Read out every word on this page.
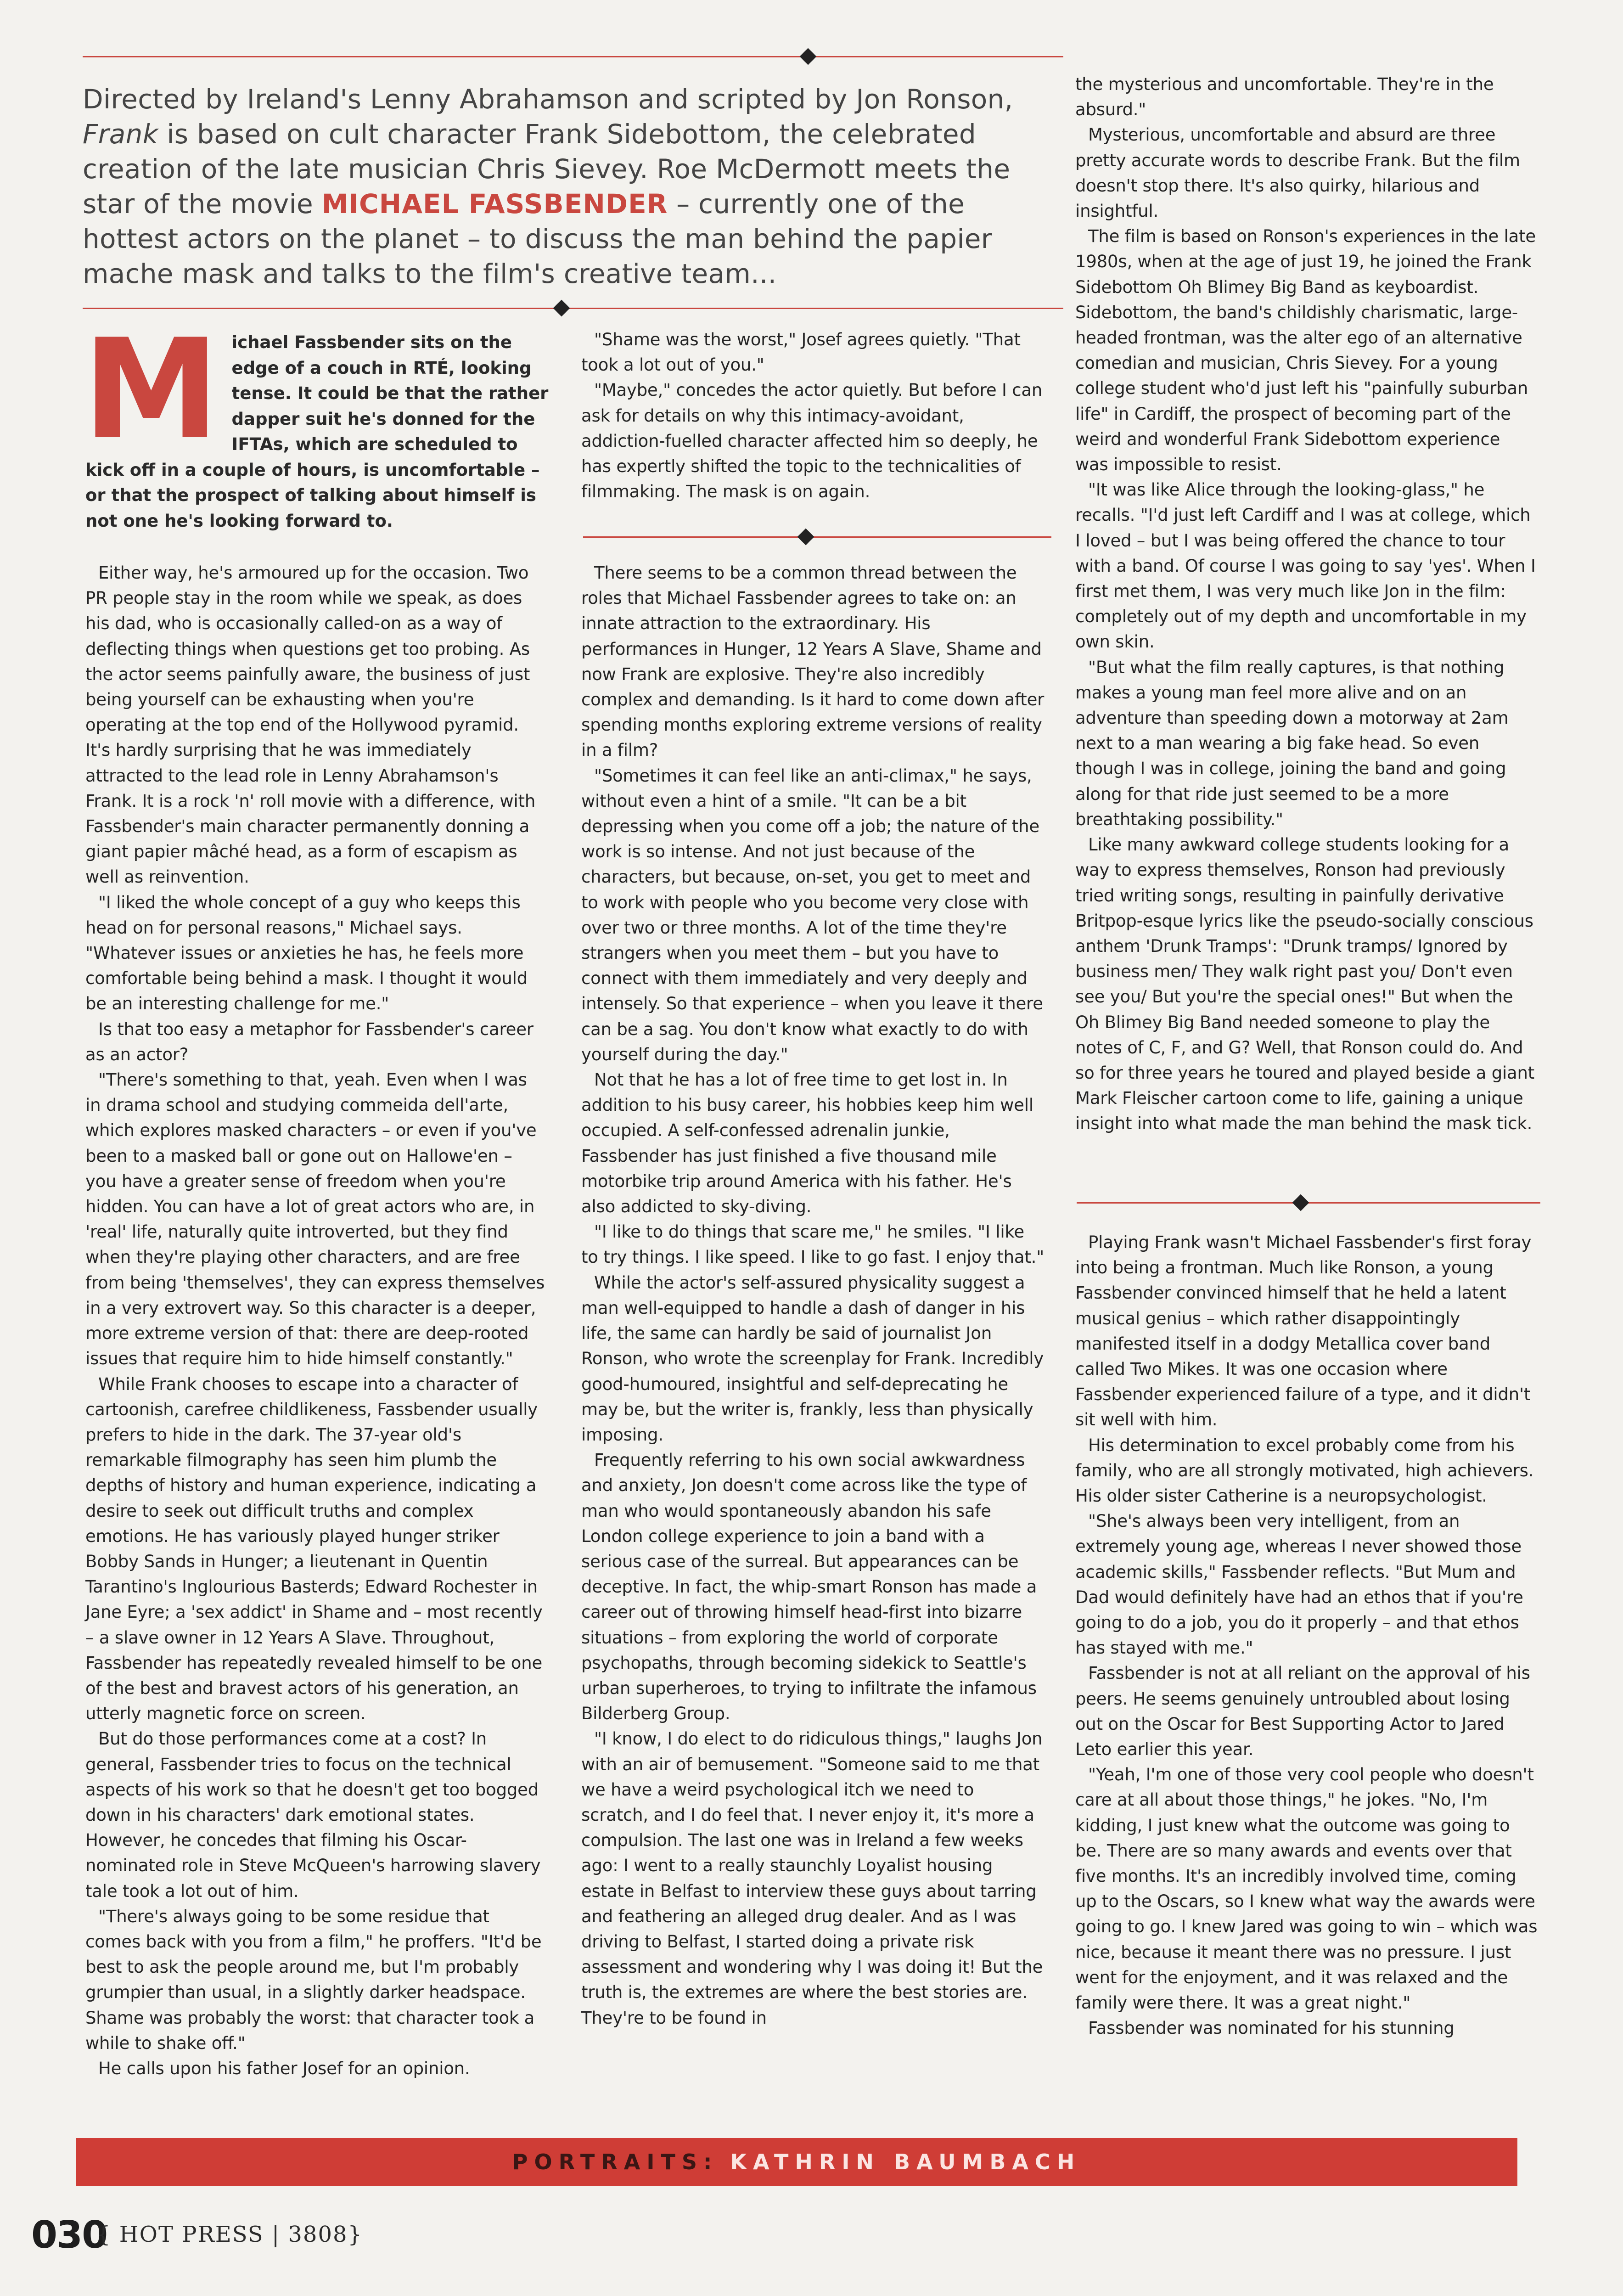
Directed by Ireland's Lenny Abrahamson and scripted by Jon Ronson, Frank is based on cult character Frank Sidebottom, the celebrated creation of the late musician Chris Sievey. Roe McDermott meets the star of the movie MICHAEL FASSBENDER – currently one of the hottest actors on the planet – to discuss the man behind the papier mache mask and talks to the film's creative team...
Michael Fassbender sits on the edge of a couch in RTÉ, looking tense. It could be that the rather dapper suit he's donned for the IFTAs, which are scheduled to kick off in a couple of hours, is uncomfortable – or that the prospect of talking about himself is not one he's looking forward to.

Either way, he's armoured up for the occasion. Two PR people stay in the room while we speak, as does his dad, who is occasionally called-on as a way of deflecting things when questions get too probing. As the actor seems painfully aware, the business of just being yourself can be exhausting when you're operating at the top end of the Hollywood pyramid. It's hardly surprising that he was immediately attracted to the lead role in Lenny Abrahamson's Frank. It is a rock 'n' roll movie with a difference, with Fassbender's main character permanently donning a giant papier mâché head, as a form of escapism as well as reinvention.

"I liked the whole concept of a guy who keeps this head on for personal reasons," Michael says. "Whatever issues or anxieties he has, he feels more comfortable being behind a mask. I thought it would be an interesting challenge for me."

Is that too easy a metaphor for Fassbender's career as an actor?

"There's something to that, yeah. Even when I was in drama school and studying commeida dell'arte, which explores masked characters – or even if you've been to a masked ball or gone out on Hallowe'en – you have a greater sense of freedom when you're hidden. You can have a lot of great actors who are, in 'real' life, naturally quite introverted, but they find when they're playing other characters, and are free from being 'themselves', they can express themselves in a very extrovert way. So this character is a deeper, more extreme version of that: there are deep-rooted issues that require him to hide himself constantly."

While Frank chooses to escape into a character of cartoonish, carefree childlikeness, Fassbender usually prefers to hide in the dark. The 37-year old's remarkable filmography has seen him plumb the depths of history and human experience, indicating a desire to seek out difficult truths and complex emotions. He has variously played hunger striker Bobby Sands in Hunger; a lieutenant in Quentin Tarantino's Inglourious Basterds; Edward Rochester in Jane Eyre; a 'sex addict' in Shame and – most recently – a slave owner in 12 Years A Slave. Throughout, Fassbender has repeatedly revealed himself to be one of the best and bravest actors of his generation, an utterly magnetic force on screen.

But do those performances come at a cost? In general, Fassbender tries to focus on the technical aspects of his work so that he doesn't get too bogged down in his characters' dark emotional states. However, he concedes that filming his Oscar-nominated role in Steve McQueen's harrowing slavery tale took a lot out of him.

"There's always going to be some residue that comes back with you from a film," he proffers. "It'd be best to ask the people around me, but I'm probably grumpier than usual, in a slightly darker headspace. Shame was probably the worst: that character took a while to shake off."

He calls upon his father Josef for an opinion.

"Shame was the worst," Josef agrees quietly. "That took a lot out of you."

"Maybe," concedes the actor quietly. But before I can ask for details on why this intimacy-avoidant, addiction-fuelled character affected him so deeply, he has expertly shifted the topic to the technicalities of filmmaking. The mask is on again.

There seems to be a common thread between the roles that Michael Fassbender agrees to take on: an innate attraction to the extraordinary. His performances in Hunger, 12 Years A Slave, Shame and now Frank are explosive. They're also incredibly complex and demanding. Is it hard to come down after spending months exploring extreme versions of reality in a film?

"Sometimes it can feel like an anti-climax," he says, without even a hint of a smile. "It can be a bit depressing when you come off a job; the nature of the work is so intense. And not just because of the characters, but because, on-set, you get to meet and to work with people who you become very close with over two or three months. A lot of the time they're strangers when you meet them – but you have to connect with them immediately and very deeply and intensely. So that experience – when you leave it there can be a sag. You don't know what exactly to do with yourself during the day."

Not that he has a lot of free time to get lost in. In addition to his busy career, his hobbies keep him well occupied. A self-confessed adrenalin junkie, Fassbender has just finished a five thousand mile motorbike trip around America with his father. He's also addicted to sky-diving.

"I like to do things that scare me," he smiles. "I like to try things. I like speed. I like to go fast. I enjoy that."

While the actor's self-assured physicality suggest a man well-equipped to handle a dash of danger in his life, the same can hardly be said of journalist Jon Ronson, who wrote the screenplay for Frank. Incredibly good-humoured, insightful and self-deprecating he may be, but the writer is, frankly, less than physically imposing.

Frequently referring to his own social awkwardness and anxiety, Jon doesn't come across like the type of man who would spontaneously abandon his safe London college experience to join a band with a serious case of the surreal. But appearances can be deceptive. In fact, the whip-smart Ronson has made a career out of throwing himself head-first into bizarre situations – from exploring the world of corporate psychopaths, through becoming sidekick to Seattle's urban superheroes, to trying to infiltrate the infamous Bilderberg Group.

"I know, I do elect to do ridiculous things," laughs Jon with an air of bemusement. "Someone said to me that we have a weird psychological itch we need to scratch, and I do feel that. I never enjoy it, it's more a compulsion. The last one was in Ireland a few weeks ago: I went to a really staunchly Loyalist housing estate in Belfast to interview these guys about tarring and feathering an alleged drug dealer. And as I was driving to Belfast, I started doing a private risk assessment and wondering why I was doing it! But the truth is, the extremes are where the best stories are. They're to be found in

the mysterious and uncomfortable. They're in the absurd."

Mysterious, uncomfortable and absurd are three pretty accurate words to describe Frank. But the film doesn't stop there. It's also quirky, hilarious and insightful.

The film is based on Ronson's experiences in the late 1980s, when at the age of just 19, he joined the Frank Sidebottom Oh Blimey Big Band as keyboardist. Sidebottom, the band's childishly charismatic, large-headed frontman, was the alter ego of an alternative comedian and musician, Chris Sievey. For a young college student who'd just left his "painfully suburban life" in Cardiff, the prospect of becoming part of the weird and wonderful Frank Sidebottom experience was impossible to resist.

"It was like Alice through the looking-glass," he recalls. "I'd just left Cardiff and I was at college, which I loved – but I was being offered the chance to tour with a band. Of course I was going to say 'yes'. When I first met them, I was very much like Jon in the film: completely out of my depth and uncomfortable in my own skin.

"But what the film really captures, is that nothing makes a young man feel more alive and on an adventure than speeding down a motorway at 2am next to a man wearing a big fake head. So even though I was in college, joining the band and going along for that ride just seemed to be a more breathtaking possibility."

Like many awkward college students looking for a way to express themselves, Ronson had previously tried writing songs, resulting in painfully derivative Britpop-esque lyrics like the pseudo-socially conscious anthem 'Drunk Tramps': "Drunk tramps/ Ignored by business men/ They walk right past you/ Don't even see you/ But you're the special ones!" But when the Oh Blimey Big Band needed someone to play the notes of C, F, and G? Well, that Ronson could do. And so for three years he toured and played beside a giant Mark Fleischer cartoon come to life, gaining a unique insight into what made the man behind the mask tick.

Playing Frank wasn't Michael Fassbender's first foray into being a frontman. Much like Ronson, a young Fassbender convinced himself that he held a latent musical genius – which rather disappointingly manifested itself in a dodgy Metallica cover band called Two Mikes. It was one occasion where Fassbender experienced failure of a type, and it didn't sit well with him.

His determination to excel probably come from his family, who are all strongly motivated, high achievers. His older sister Catherine is a neuropsychologist.

"She's always been very intelligent, from an extremely young age, whereas I never showed those academic skills," Fassbender reflects. "But Mum and Dad would definitely have had an ethos that if you're going to do a job, you do it properly – and that ethos has stayed with me."

Fassbender is not at all reliant on the approval of his peers. He seems genuinely untroubled about losing out on the Oscar for Best Supporting Actor to Jared Leto earlier this year.

"Yeah, I'm one of those very cool people who doesn't care at all about those things," he jokes. "No, I'm kidding, I just knew what the outcome was going to be. There are so many awards and events over that five months. It's an incredibly involved time, coming up to the Oscars, so I knew what way the awards were going to go. I knew Jared was going to win – which was nice, because it meant there was no pressure. I just went for the enjoyment, and it was relaxed and the family were there. It was a great night."

Fassbender was nominated for his stunning

PORTRAITS: KATHRIN BAUMBACH
030
{ HOT PRESS | 3808}
